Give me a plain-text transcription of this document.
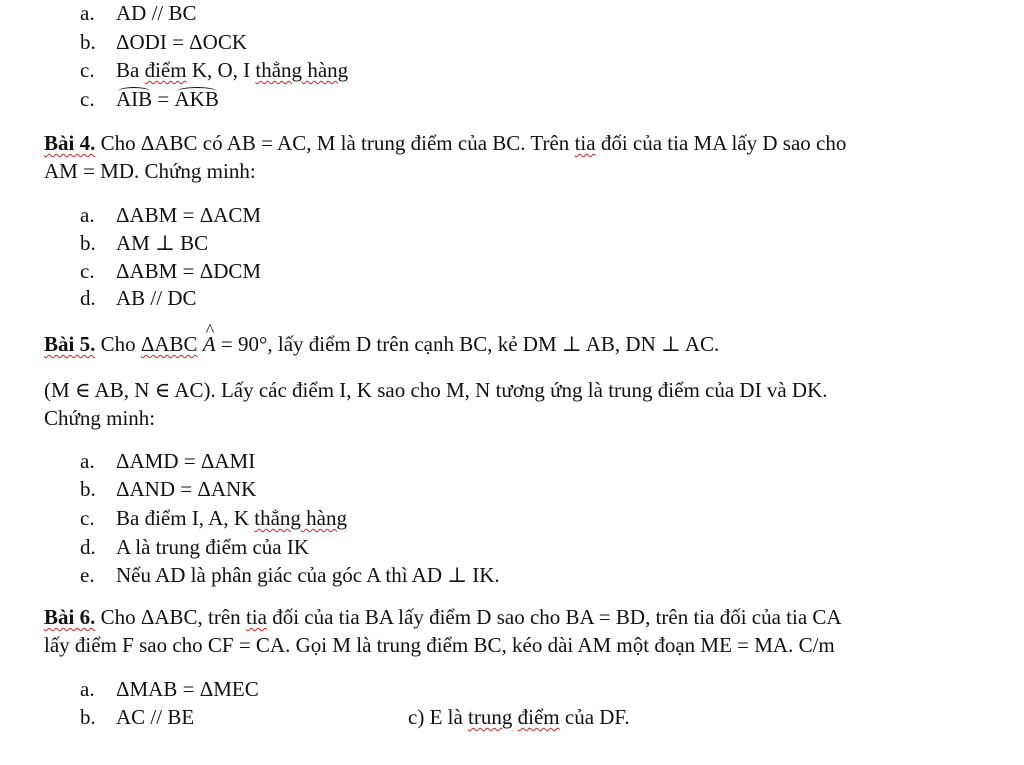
a. AD // BC
b. ΔODI = ΔOCK
c. Ba điểm K, O, I thẳng hàng
c. AIB = AKB
Bài 4. Cho ΔABC có AB = AC, M là trung điểm của BC. Trên tia đối của tia MA lấy D sao cho
AM = MD. Chứng minh:
a. ΔABM = ΔACM
b. AM ⊥ BC
c. ΔABM = ΔDCM
d. AB // DC
Bài 5. Cho ΔABC ^ A = 90°, lấy điểm D trên cạnh BC, kẻ DM ⊥ AB, DN ⊥ AC.
(M ∈ AB, N ∈ AC). Lấy các điểm I, K sao cho M, N tương ứng là trung điểm của DI và DK.
Chứng minh:
a. ΔAMD = ΔAMI
b. ΔAND = ΔANK
c. Ba điểm I, A, K thẳng hàng
d. A là trung điểm của IK
e. Nếu AD là phân giác của góc A thì AD ⊥ IK.
Bài 6. Cho ΔABC, trên tia đối của tia BA lấy điểm D sao cho BA = BD, trên tia đối của tia CA
lấy điểm F sao cho CF = CA. Gọi M là trung điểm BC, kéo dài AM một đoạn ME = MA. C/m
a. ΔMAB = ΔMEC
b. AC // BE	c) E là trung điểm của DF.
